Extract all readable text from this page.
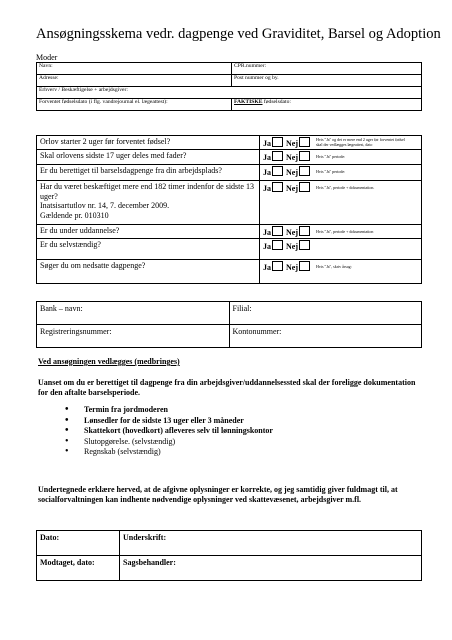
Ansøgningsskema vedr. dagpenge ved Graviditet, Barsel og Adoption
Moder
Navn:	CPR.nummer:
Adresse:	Post nummer og by.
Erhverv / Beskæftigelse + arbejdsgiver:	
Forventet fødselsdato (i flg. vandrejournal el. lægeattest):	FAKTISKE fødselsdato:
Orlov starter 2 uger før forventet fødsel?	Ja Nej Hvis "Ja" og det er mere end 2 uger før forventet fødsel skal der vedlægges lægeattest, dato
Skal orlovens sidste 17 uger deles med fader?	Ja Nej $^{Hvis "Ja" periode:}$
Er du berettiget til barselsdagpenge fra din arbejdsplads?	Ja Nej $^{Hvis "Ja" periode:}$

Har du været beskæftiget mere end 182 timer indenfor de sidste 13 uger?
Inatsisartutlov nr. 14, 7. december 2009.
Gældende pr. 010310	Ja Nej $^{Hvis "Ja", periode + dokumentation.}$
Er du under uddannelse?	Ja Nej $^{Hvis "Ja", periode + dokumentation}$
Er du selvstændig?	Ja Nej
Søger du om nedsatte dagpenge?	Ja Nej $^{Hvis "Ja", skriv årsag:}$
Bank – navn:	Filial:
Registreringsnummer:	Kontonummer:
Ved ansøgningen vedlægges (medbringes)
Uanset om du er berettiget til dagpenge fra din arbejdsgiver/uddannelsessted skal der foreligge dokumentation for den aftalte barselsperiode.
• Termin fra jordmoderen
• Lønsedler for de sidste 13 uger eller 3 måneder
• Skattekort (hovedkort) afleveres selv til lønningskontor
• Slutopgørelse. (selvstændig)
• Regnskab (selvstændig)
Undertegnede erklære herved, at de afgivne oplysninger er korrekte, og jeg samtidig giver fuldmagt til, at socialforvaltningen kan indhente nødvendige oplysninger ved skattevæsenet, arbejdsgiver m.fl.
Dato:	Underskrift:
Modtaget, dato:	Sagsbehandler:
